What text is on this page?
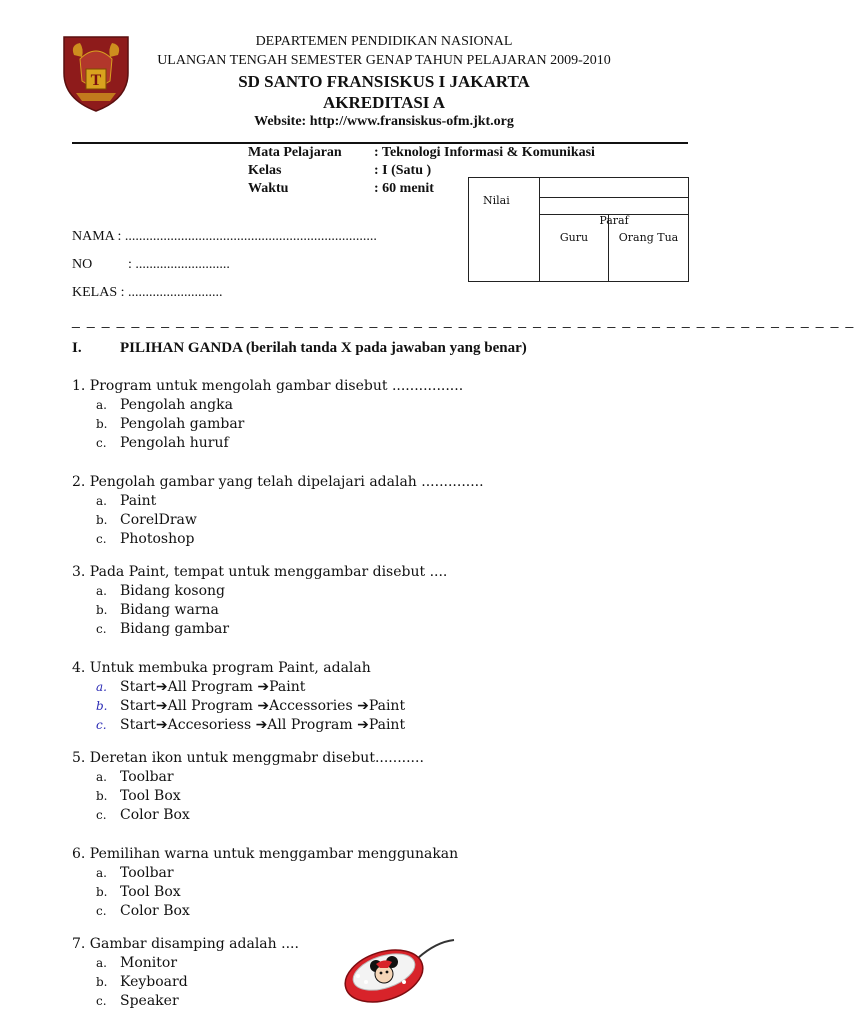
T
DEPARTEMEN PENDIDIKAN NASIONAL
ULANGAN TENGAH SEMESTER GENAP TAHUN PELAJARAN 2009-2010
SD SANTO FRANSISKUS I JAKARTA
AKREDITASI A
Website: http://www.fransiskus-ofm.jkt.org
Mata Pelajaran : Teknologi Informasi & Komunikasi
Kelas	: I (Satu )
Waktu	: 60 menit
NAMA : ........................................................................
NO	: ...........................
KELAS : ...........................
Nilai		

	Paraf	

	Guru	Orang Tua
_ _ _ _ _ _ _ _ _ _ _ _ _ _ _ _ _ _ _ _ _ _ _ _ _ _ _ _ _ _ _ _ _ _ _ _ _ _ _ _ _ _ _ _ _ _ _ _ _ _ _ _ _
I.	PILIHAN GANDA (berilah tanda X pada jawaban yang benar)
1. Program untuk mengolah gambar disebut ................
a. Pengolah angka
b. Pengolah gambar
c. Pengolah huruf
2. Pengolah gambar yang telah dipelajari adalah ..............
a. Paint
b. CorelDraw
c. Photoshop
3. Pada Paint, tempat untuk menggambar disebut ....
a. Bidang kosong
b. Bidang warna
c. Bidang gambar
4. Untuk membuka program Paint, adalah
a. Start➔All Program ➔Paint
b. Start➔All Program ➔Accessories ➔Paint
c. Start➔Accesoriess ➔All Program ➔Paint
5. Deretan ikon untuk menggmabr disebut...........
a. Toolbar
b. Tool Box
c. Color Box
6. Pemilihan warna untuk menggambar menggunakan
a. Toolbar
b. Tool Box
c. Color Box
7. Gambar disamping adalah ....
a. Monitor
b. Keyboard
c. Speaker
